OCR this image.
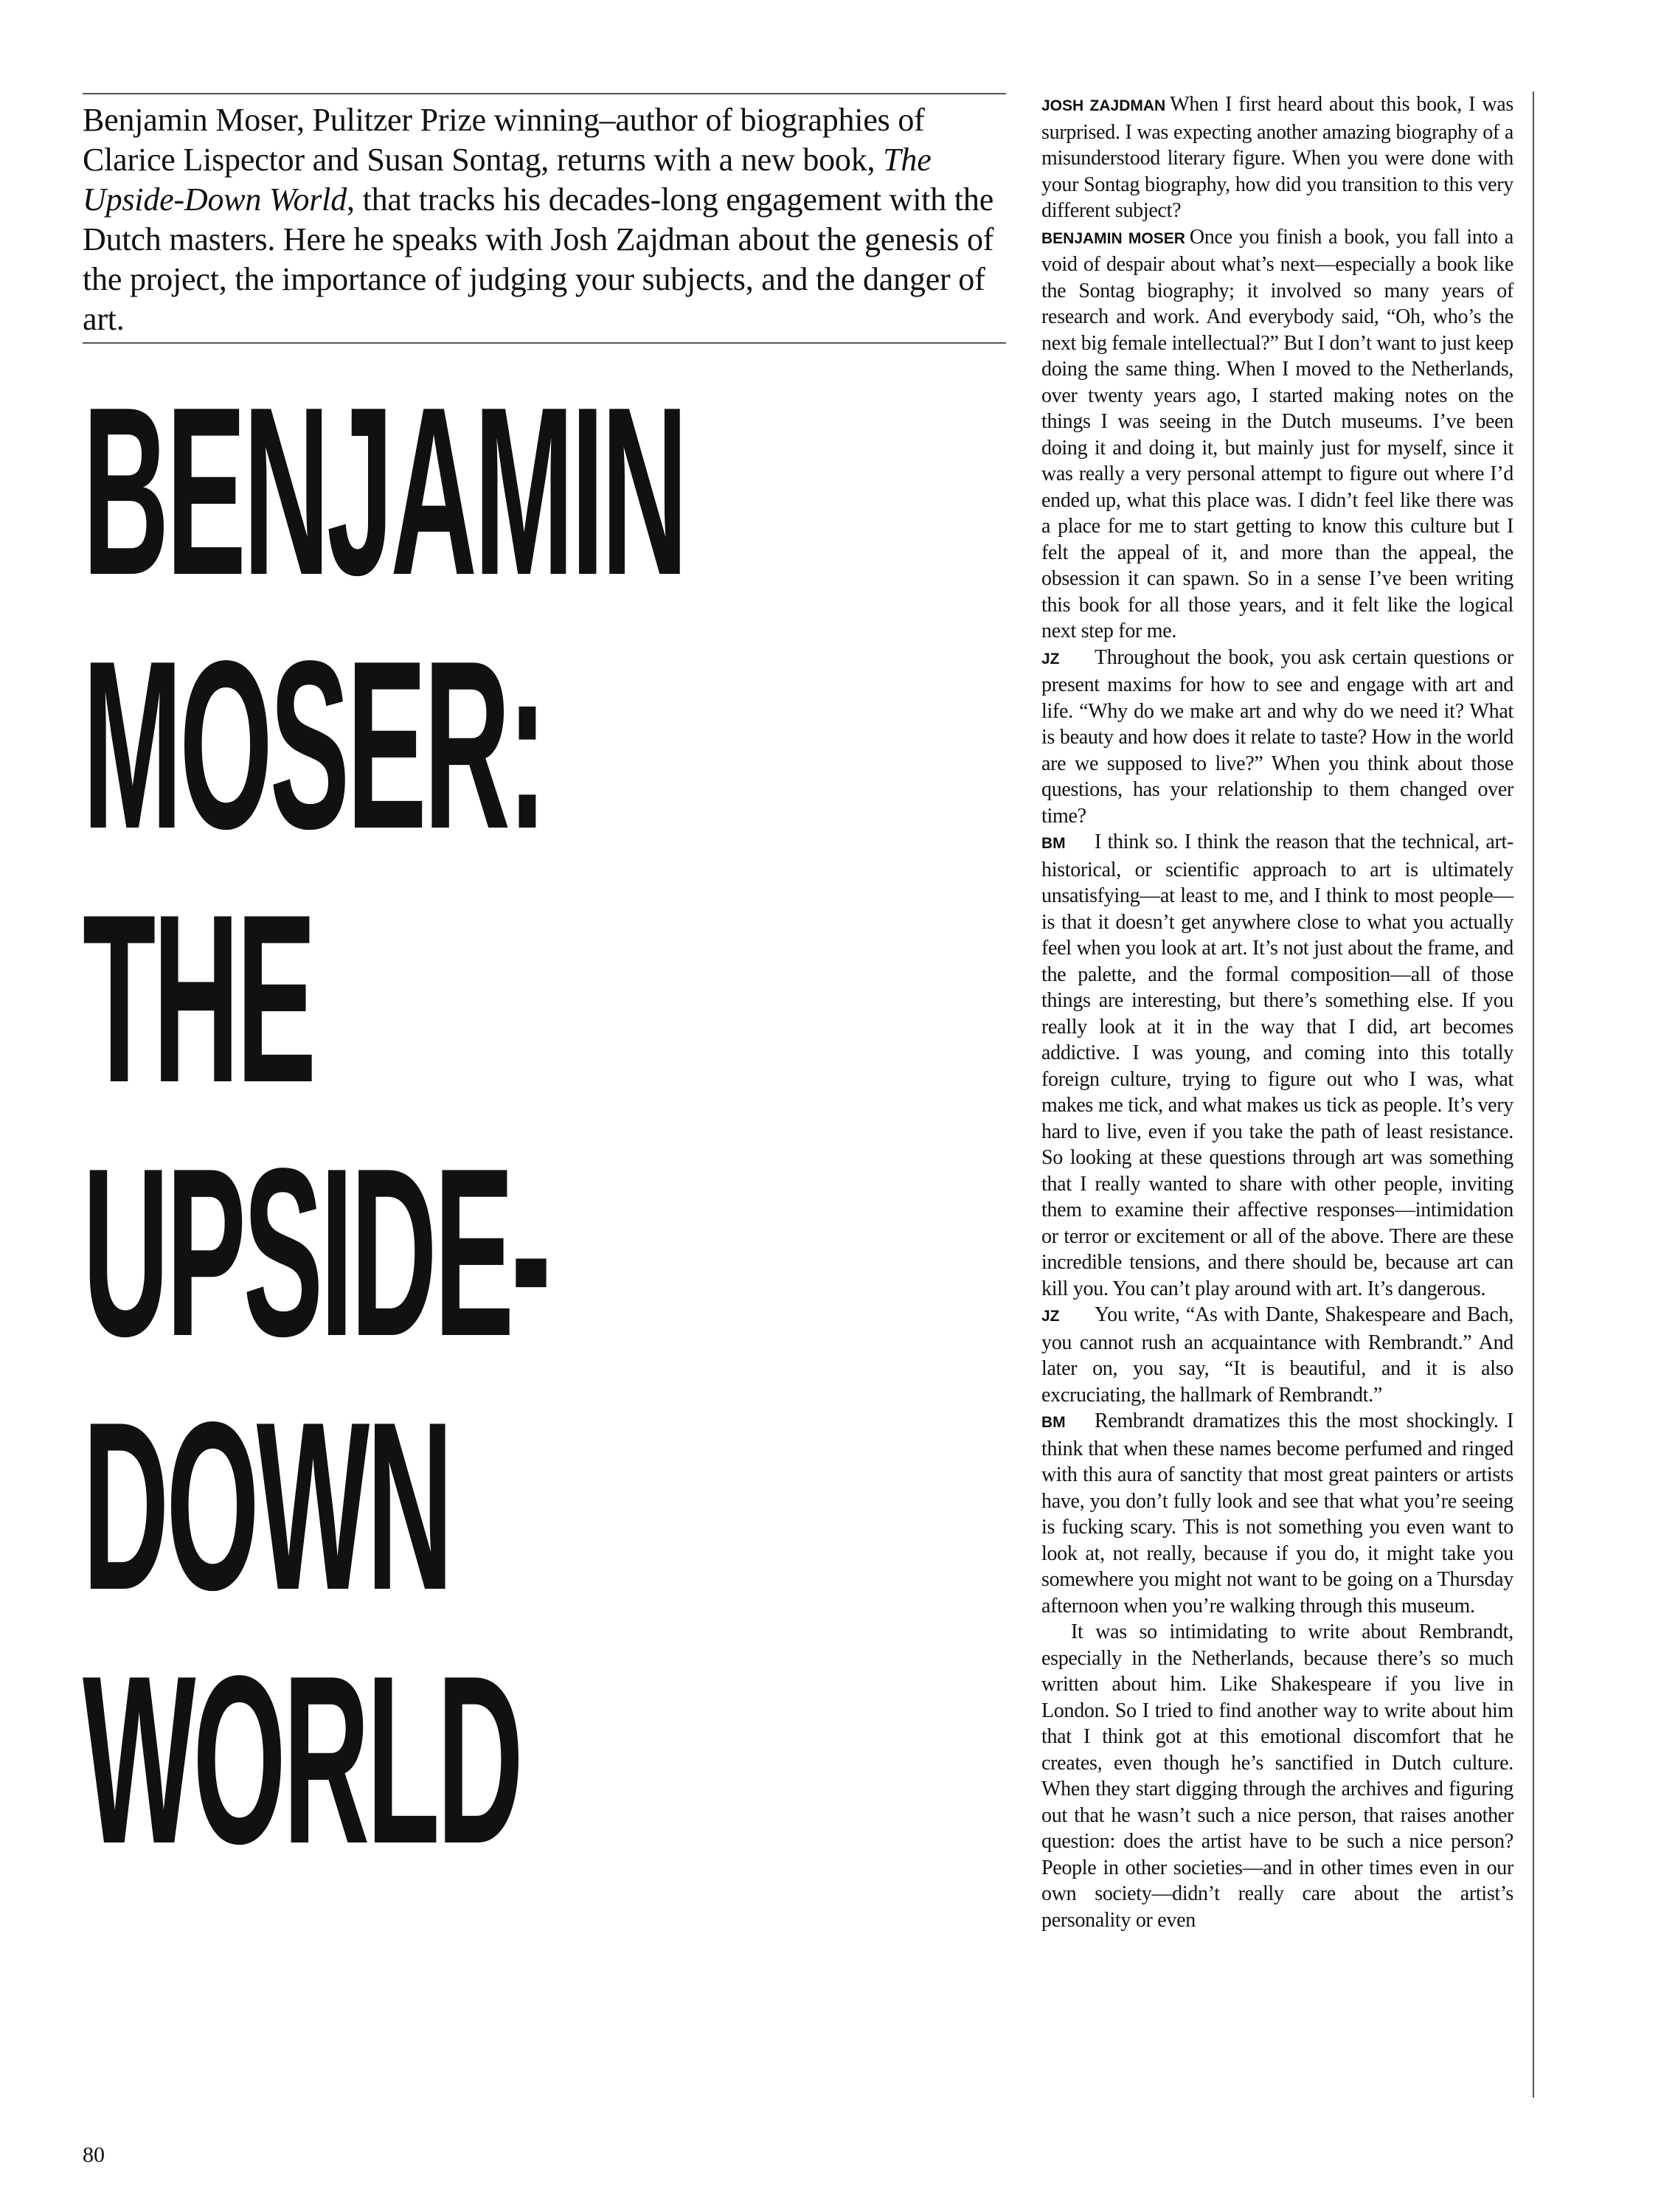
Benjamin Moser, Pulitzer Prize winning–author of biographies of Clarice Lispector and Susan Sontag, returns with a new book, The Upside-Down World, that tracks his decades-long engagement with the Dutch masters. Here he speaks with Josh Zajdman about the genesis of the project, the importance of judging your subjects, and the danger of art.

BENJAMIN
MOSER:
THE
UPSIDE-
DOWN
WORLD
80

JOSH ZAJDMAN When I first heard about this book, I was surprised. I was expecting another amazing biography of a misunderstood literary figure. When you were done with your Sontag biography, how did you transition to this very different subject?

BENJAMIN MOSER Once you finish a book, you fall into a void of despair about what’s next—especially a book like the Sontag biography; it involved so many years of research and work. And everybody said, “Oh, who’s the next big female intellectual?” But I don’t want to just keep doing the same thing. When I moved to the Netherlands, over twenty years ago, I started making notes on the things I was seeing in the Dutch museums. I’ve been doing it and doing it, but mainly just for myself, since it was really a very personal attempt to figure out where I’d ended up, what this place was. I didn’t feel like there was a place for me to start getting to know this culture but I felt the appeal of it, and more than the appeal, the obsession it can spawn. So in a sense I’ve been writing this book for all those years, and it felt like the logical next step for me.

JZ Throughout the book, you ask certain questions or present maxims for how to see and engage with art and life. “Why do we make art and why do we need it? What is beauty and how does it relate to taste? How in the world are we supposed to live?” When you think about those questions, has your relationship to them changed over time?

BM I think so. I think the reason that the technical, art-historical, or scientific approach to art is ultimately unsatisfying—at least to me, and I think to most people—is that it doesn’t get anywhere close to what you actually feel when you look at art. It’s not just about the frame, and the palette, and the formal composition—all of those things are interesting, but there’s something else. If you really look at it in the way that I did, art becomes addictive. I was young, and coming into this totally foreign culture, trying to figure out who I was, what makes me tick, and what makes us tick as people. It’s very hard to live, even if you take the path of least resistance. So looking at these questions through art was something that I really wanted to share with other people, inviting them to examine their affective responses—intimidation or terror or excitement or all of the above. There are these incredible tensions, and there should be, because art can kill you. You can’t play around with art. It’s dangerous.

JZ You write, “As with Dante, Shakespeare and Bach, you cannot rush an acquaintance with Rembrandt.” And later on, you say, “It is beautiful, and it is also excruciating, the hallmark of Rembrandt.”

BM Rembrandt dramatizes this the most shockingly. I think that when these names become perfumed and ringed with this aura of sanctity that most great painters or artists have, you don’t fully look and see that what you’re seeing is fucking scary. This is not something you even want to look at, not really, because if you do, it might take you somewhere you might not want to be going on a Thursday afternoon when you’re walking through this museum.

It was so intimidating to write about Rembrandt, especially in the Netherlands, because there’s so much written about him. Like Shakespeare if you live in London. So I tried to find another way to write about him that I think got at this emotional discomfort that he creates, even though he’s sanctified in Dutch culture. When they start digging through the archives and figuring out that he wasn’t such a nice person, that raises another question: does the artist have to be such a nice person? People in other societies—and in other times even in our own society—didn’t really care about the artist’s personality or even
